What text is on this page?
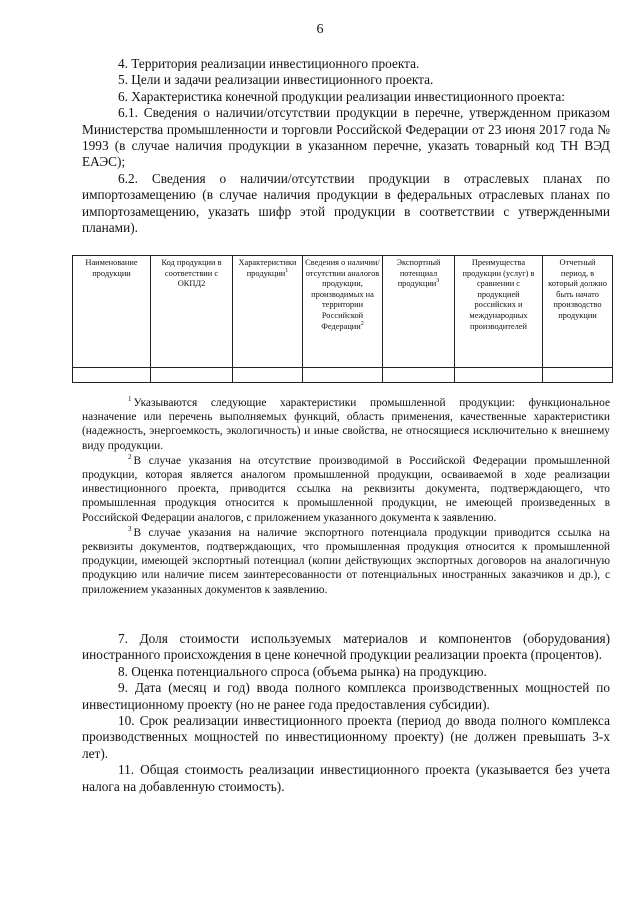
6

4. Территория реализации инвестиционного проекта.

5. Цели и задачи реализации инвестиционного проекта.

6. Характеристика конечной продукции реализации инвестиционного проекта:

6.1. Сведения о наличии/отсутствии продукции в перечне, утвержденном приказом Министерства промышленности и торговли Российской Федерации от 23 июня 2017 года № 1993 (в случае наличия продукции в указанном перечне, указать товарный код ТН ВЭД ЕАЭС);

6.2. Сведения о наличии/отсутствии продукции в отраслевых планах по импортозамещению (в случае наличия продукции в федеральных отраслевых планах по импортозамещению, указать шифр этой продукции в соответствии с утвержденными планами).

Наименование продукции	Код продукции в соответствии с ОКПД2	Характеристики продукции$^1$	Сведения о наличии/ отсутствии аналогов продукции, производимых на территории Российской Федерации$^2$	Экспортный потенциал продукции$^3$	Преимущества продукции (услуг) в сравнении с продукцией российских и международных производителей	Отчетный период, в который должно быть начато производство продукции

$^1$ Указываются следующие характеристики промышленной продукции: функциональное назначение или перечень выполняемых функций, область применения, качественные характеристики (надежность, энергоемкость, экологичность) и иные свойства, не относящиеся исключительно к внешнему виду продукции.

$^2$ В случае указания на отсутствие производимой в Российской Федерации промышленной продукции, которая является аналогом промышленной продукции, осваиваемой в ходе реализации инвестиционного проекта, приводится ссылка на реквизиты документа, подтверждающего, что промышленная продукция относится к промышленной продукции, не имеющей произведенных в Российской Федерации аналогов, с приложением указанного документа к заявлению.

$^3$ В случае указания на наличие экспортного потенциала продукции приводится ссылка на реквизиты документов, подтверждающих, что промышленная продукция относится к промышленной продукции, имеющей экспортный потенциал (копии действующих экспортных договоров на аналогичную продукцию или наличие писем заинтересованности от потенциальных иностранных заказчиков и др.), с приложением указанных документов к заявлению.

7. Доля стоимости используемых материалов и компонентов (оборудования) иностранного происхождения в цене конечной продукции реализации проекта (процентов).

8. Оценка потенциального спроса (объема рынка) на продукцию.

9. Дата (месяц и год) ввода полного комплекса производственных мощностей по инвестиционному проекту (но не ранее года предоставления субсидии).

10. Срок реализации инвестиционного проекта (период до ввода полного комплекса производственных мощностей по инвестиционному проекту) (не должен превышать 3-х лет).

11. Общая стоимость реализации инвестиционного проекта (указывается без учета налога на добавленную стоимость).
